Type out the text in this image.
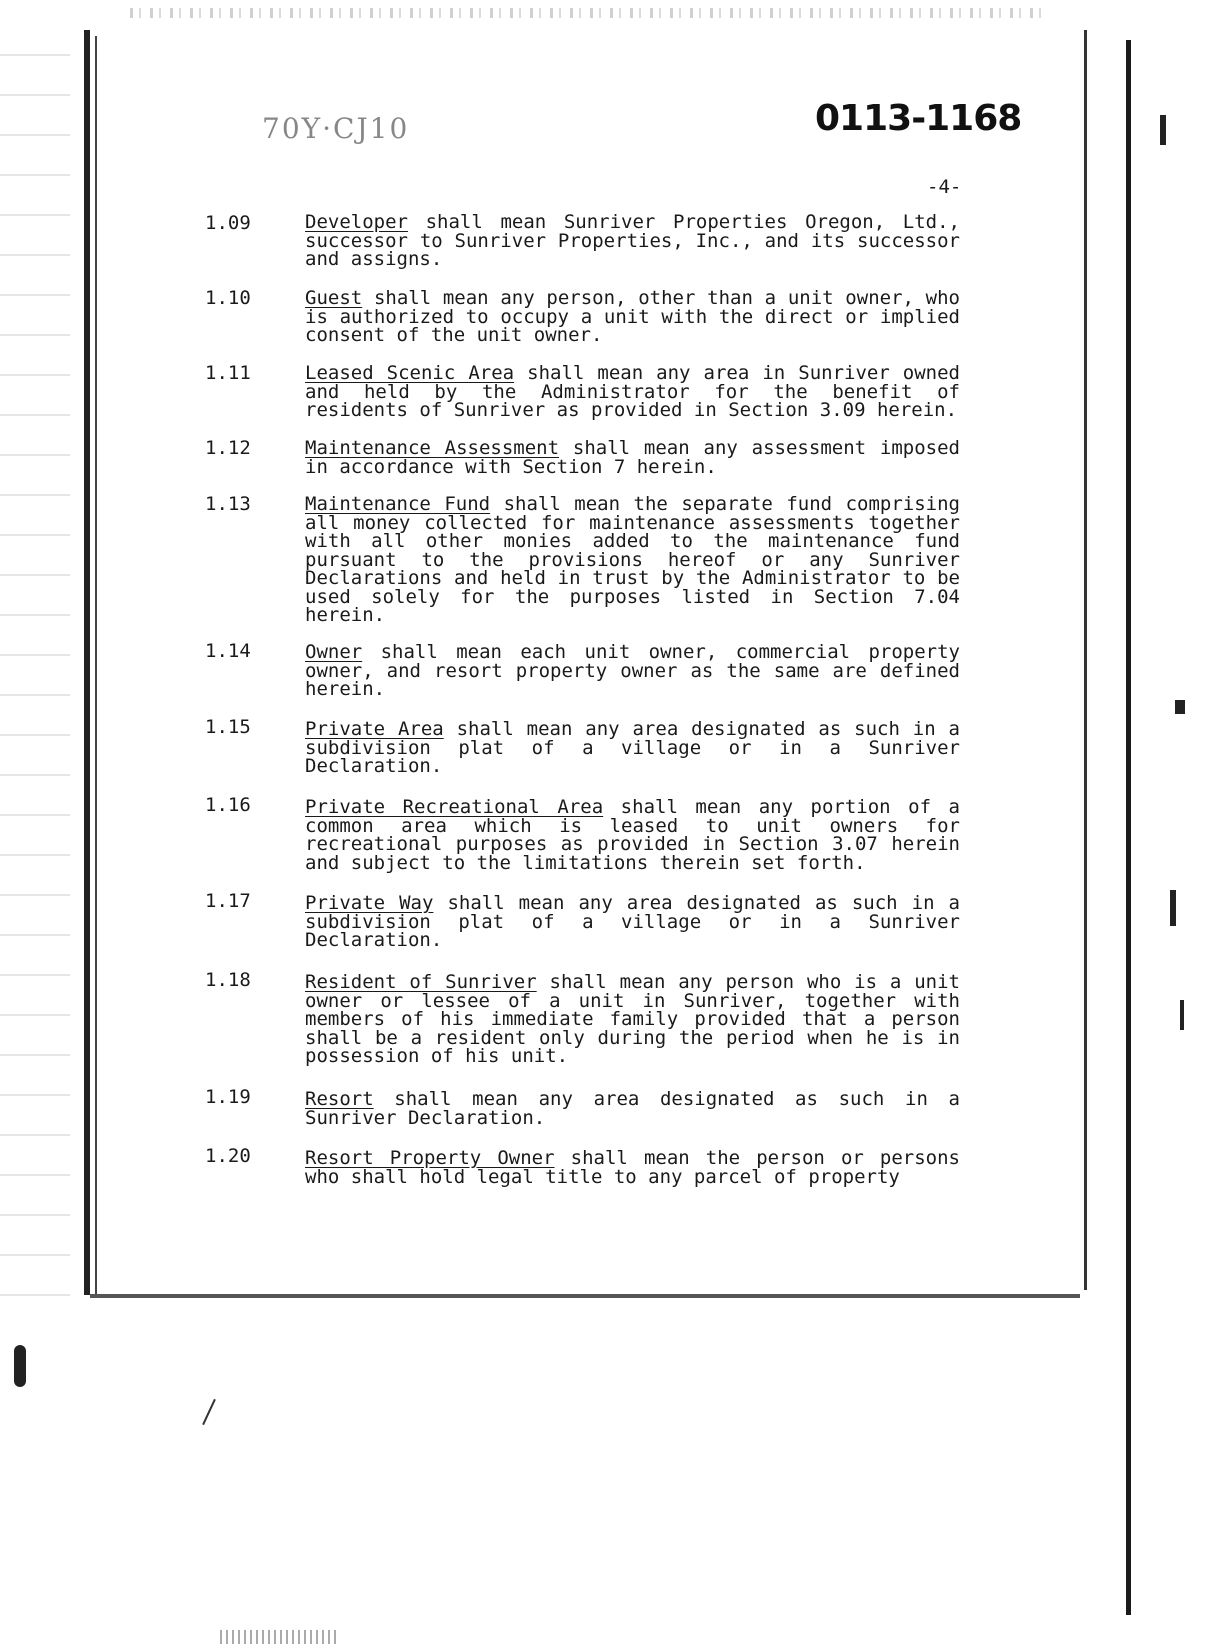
70Y·CJ10	0113-1168
-4-
1.09	Developer shall mean Sunriver Properties Oregon, Ltd., successor to Sunriver Properties, Inc., and its successor and assigns.
1.10	Guest shall mean any person, other than a unit owner, who is authorized to occupy a unit with the direct or implied consent of the unit owner.
1.11	Leased Scenic Area shall mean any area in Sunriver owned and held by the Administrator for the benefit of residents of Sunriver as provided in Section 3.09 herein.
1.12	Maintenance Assessment shall mean any assessment imposed in accordance with Section 7 herein.
1.13	Maintenance Fund shall mean the separate fund comprising all money collected for maintenance assessments together with all other monies added to the maintenance fund pursuant to the provisions hereof or any Sunriver Declarations and held in trust by the Administrator to be used solely for the purposes listed in Section 7.04 herein.
1.14	Owner shall mean each unit owner, commercial property owner, and resort property owner as the same are defined herein.
1.15	Private Area shall mean any area designated as such in a subdivision plat of a village or in a Sunriver Declaration.
1.16	Private Recreational Area shall mean any portion of a common area which is leased to unit owners for recreational purposes as provided in Section 3.07 herein and subject to the limitations therein set forth.
1.17	Private Way shall mean any area designated as such in a subdivision plat of a village or in a Sunriver Declaration.
1.18	Resident of Sunriver shall mean any person who is a unit owner or lessee of a unit in Sunriver, together with members of his immediate family provided that a person shall be a resident only during the period when he is in possession of his unit.
1.19	Resort shall mean any area designated as such in a Sunriver Declaration.
1.20	Resort Property Owner shall mean the person or persons who shall hold legal title to any parcel of property
